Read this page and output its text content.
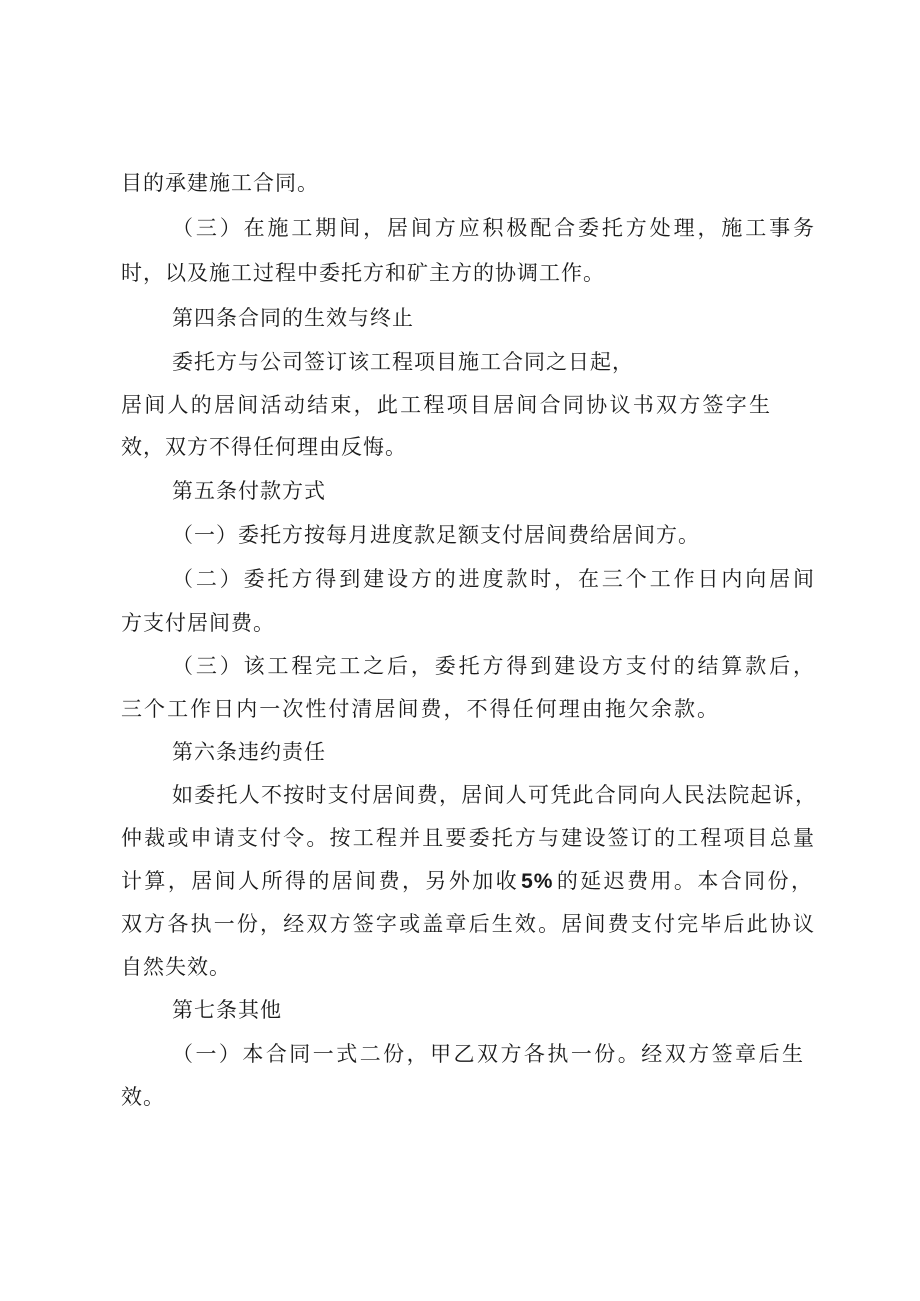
目的承建施工合同。
（三）在施工期间，居间方应积极配合委托方处理，施工事务
时，以及施工过程中委托方和矿主方的协调工作。
第四条合同的生效与终止
委托方与公司签订该工程项目施工合同之日起，
居间人的居间活动结束，此工程项目居间合同协议书双方签字生
效，双方不得任何理由反悔。
第五条付款方式
（一）委托方按每月进度款足额支付居间费给居间方。
（二）委托方得到建设方的进度款时，在三个工作日内向居间
方支付居间费。
（三）该工程完工之后，委托方得到建设方支付的结算款后，
三个工作日内一次性付清居间费，不得任何理由拖欠余款。
第六条违约责任
如委托人不按时支付居间费，居间人可凭此合同向人民法院起诉，
仲裁或申请支付令。按工程并且要委托方与建设签订的工程项目总量
计算，居间人所得的居间费，另外加收5%的延迟费用。本合同份，
双方各执一份，经双方签字或盖章后生效。居间费支付完毕后此协议
自然失效。
第七条其他
（一）本合同一式二份，甲乙双方各执一份。经双方签章后生
效。
